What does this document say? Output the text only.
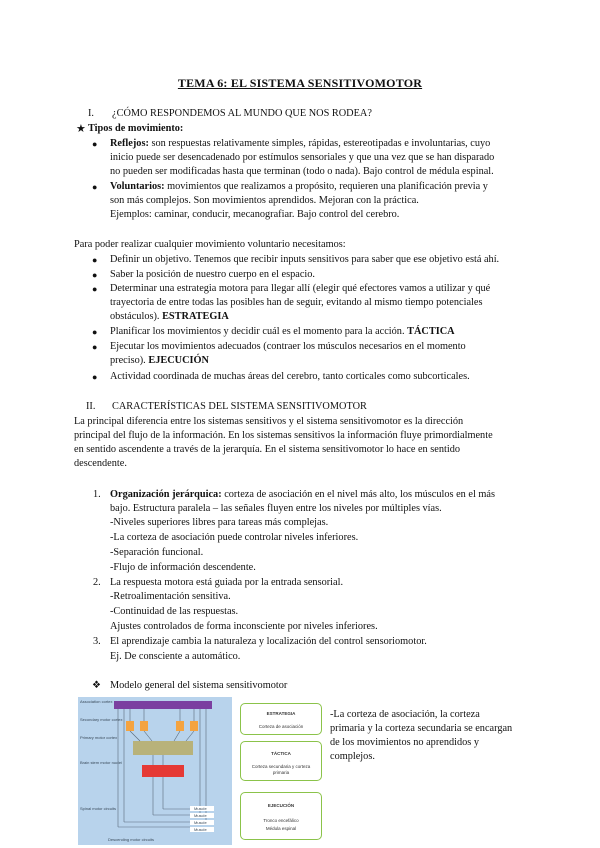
TEMA 6: EL SISTEMA SENSITIVOMOTOR
I. ¿CÓMO RESPONDEMOS AL MUNDO QUE NOS RODEA?
★ Tipos de movimiento:
● Reflejos: son respuestas relativamente simples, rápidas, estereotipadas e involuntarias, cuyo
inicio puede ser desencadenado por estímulos sensoriales y que una vez que se han disparado
no pueden ser modificadas hasta que terminan (todo o nada). Bajo control de médula espinal.
● Voluntarios: movimientos que realizamos a propósito, requieren una planificación previa y
son más complejos. Son movimientos aprendidos. Mejoran con la práctica.
Ejemplos: caminar, conducir, mecanografiar. Bajo control del cerebro.
Para poder realizar cualquier movimiento voluntario necesitamos:
● Definir un objetivo. Tenemos que recibir inputs sensitivos para saber que ese objetivo está ahí.
● Saber la posición de nuestro cuerpo en el espacio.
● Determinar una estrategia motora para llegar allí (elegir qué efectores vamos a utilizar y qué
trayectoria de entre todas las posibles han de seguir, evitando al mismo tiempo potenciales
obstáculos). ESTRATEGIA
● Planificar los movimientos y decidir cuál es el momento para la acción. TÁCTICA
● Ejecutar los movimientos adecuados (contraer los músculos necesarios en el momento
preciso). EJECUCIÓN
● Actividad coordinada de muchas áreas del cerebro, tanto corticales como subcorticales.
II. CARACTERÍSTICAS DEL SISTEMA SENSITIVOMOTOR
La principal diferencia entre los sistemas sensitivos y el sistema sensitivomotor es la dirección
principal del flujo de la información. En los sistemas sensitivos la información fluye primordialmente
en sentido ascendente a través de la jerarquía. En el sistema sensitivomotor lo hace en sentido
descendente.
1. Organización jerárquica: corteza de asociación en el nivel más alto, los músculos en el más
bajo. Estructura paralela – las señales fluyen entre los niveles por múltiples vías.
-Niveles superiores libres para tareas más complejas.
-La corteza de asociación puede controlar niveles inferiores.
-Separación funcional.
-Flujo de información descendente.
2. La respuesta motora está guiada por la entrada sensorial.
-Retroalimentación sensitiva.
-Continuidad de las respuestas.
Ajustes controlados de forma inconsciente por niveles inferiores.
3. El aprendizaje cambia la naturaleza y localización del control sensoriomotor.
Ej. De consciente a automático.
❖ Modelo general del sistema sensitivomotor
Association cortex
Secondary motor cortex
Primary motor cortex
Brain stem motor nuclei
Spinal motor circuits	Muscle
Muscle
Muscle
Muscle
Descending motor circuits
ESTRATEGIA
Corteza de asociación
TÁCTICA
Corteza secundaria y corteza primaria
EJECUCIÓN
Tronco encefálico
Médula espinal
-La corteza de asociación, la corteza
primaria y la corteza secundaria se encargan
de los movimientos no aprendidos y
complejos.
